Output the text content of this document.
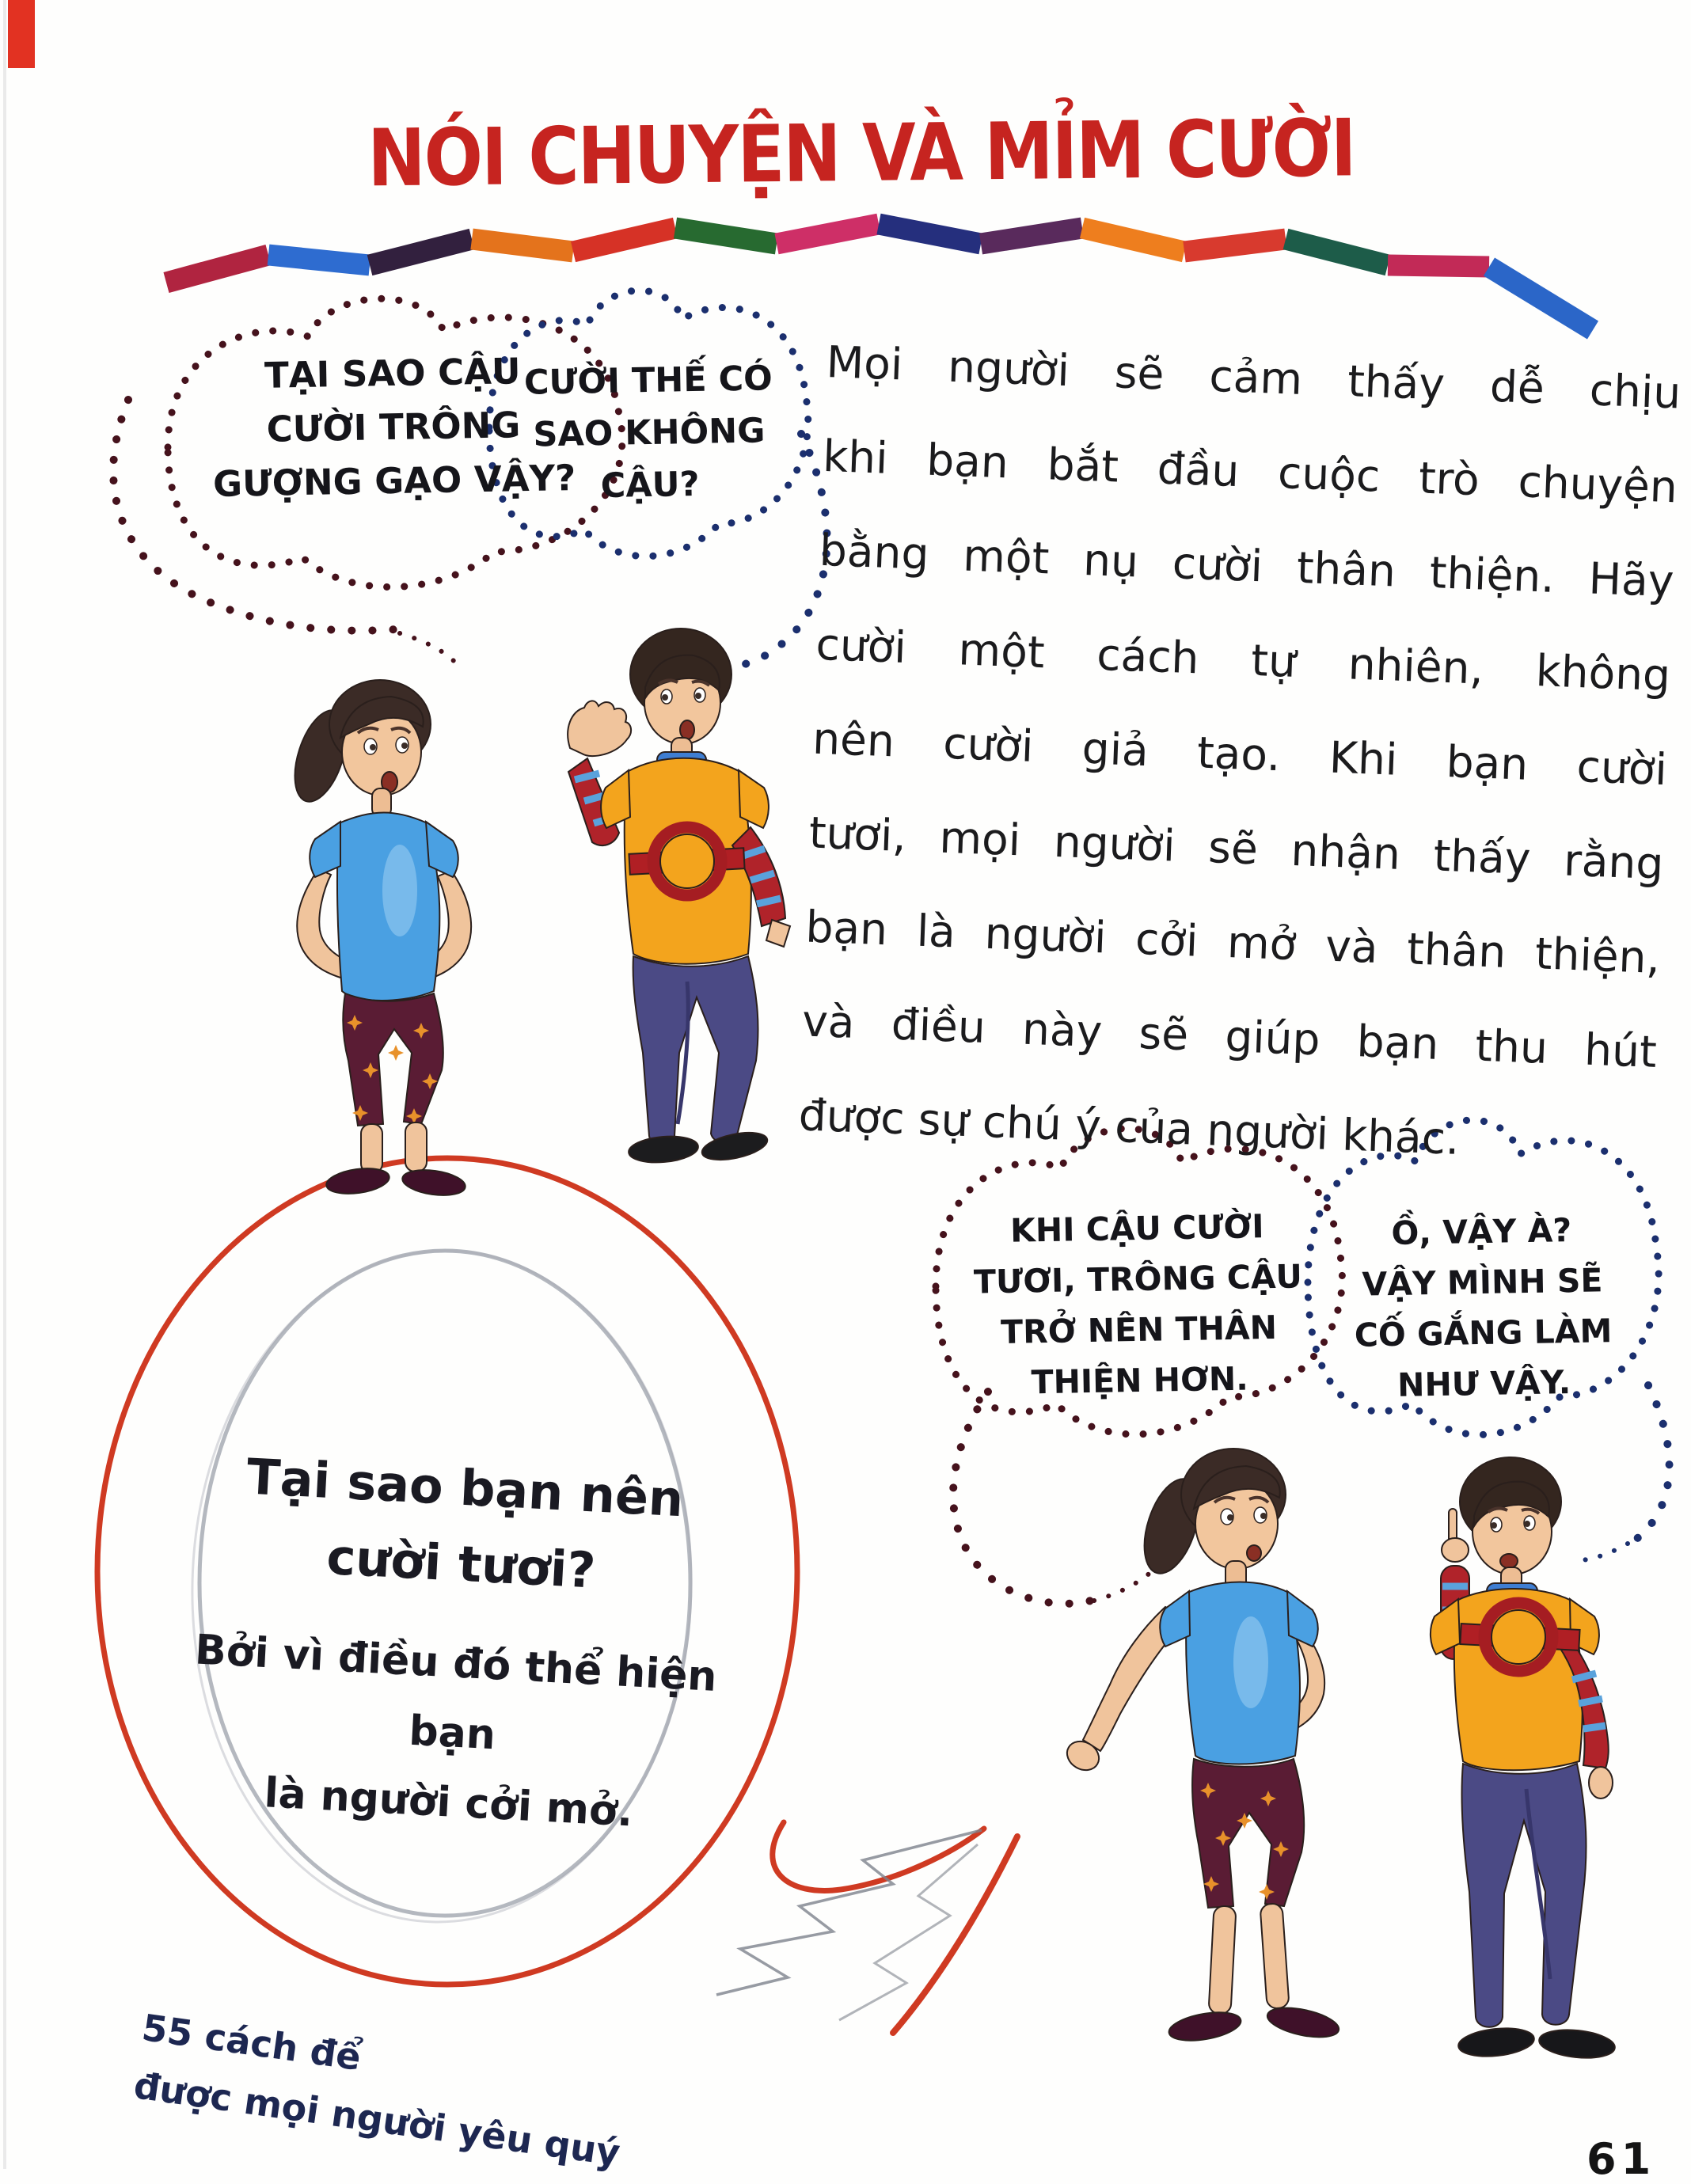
NÓI CHUYỆN VÀ MỈM CƯỜI
TẠI SAO CẬU
CƯỜI TRÔNG
GƯỢNG GẠO VẬY?
CƯỜI THẾ CÓ
SAO KHÔNG
CẬU?
Mọi người sẽ cảm thấy dễ chịu
khi bạn bắt đầu cuộc trò chuyện
bằng một nụ cười thân thiện. Hãy
cười một cách tự nhiên, không
nên cười giả tạo. Khi bạn cười
tươi, mọi người sẽ nhận thấy rằng
bạn là người cởi mở và thân thiện,
và điều này sẽ giúp bạn thu hút
được sự chú ý của người khác.
Tại sao bạn nên
cười tươi?
Bởi vì điều đó thể hiện bạn
là người cởi mở.
KHI CẬU CƯỜI
TƯƠI, TRÔNG CẬU
TRỞ NÊN THÂN
THIỆN HƠN.
Ồ, VẬY À?
VẬY MÌNH SẼ
CỐ GẮNG LÀM
NHƯ VẬY.
55 cách để
được mọi người yêu quý	61
